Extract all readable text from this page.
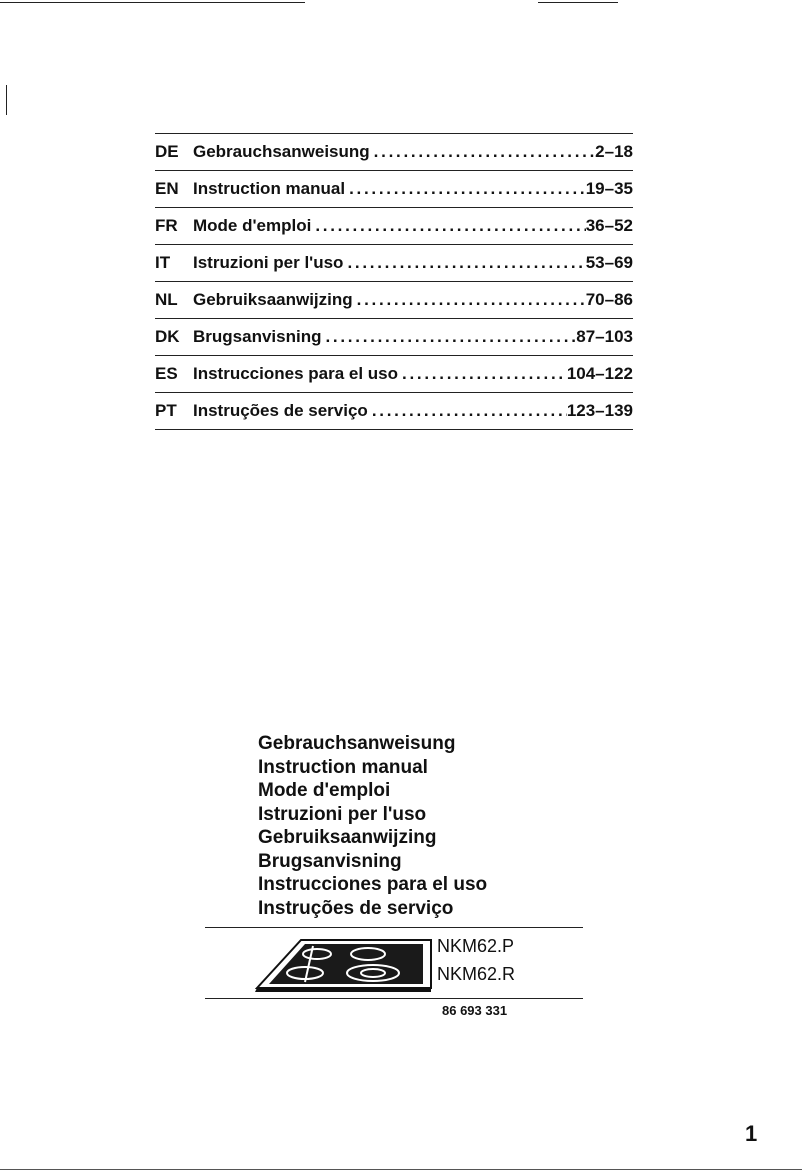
DE Gebrauchsanweisung . . .	2–18
EN Instruction manual . . .	19–35
FR Mode d'emploi . . .	36–52
IT	Istruzioni per l'uso . . .	53–69
NL Gebruiksaanwijzing . . .	70–86
DK Brugsanvisning . . .	87–103
ES Instrucciones para el uso . . .	104–122
PT Instruções de serviço . . .	123–139
Gebrauchsanweisung
Instruction manual
Mode d'emploi
Istruzioni per l'uso
Gebruiksaanwijzing
Brugsanvisning
Instrucciones para el uso
Instruções de serviço
NKM62.P
NKM62.R
86 693 331
1
